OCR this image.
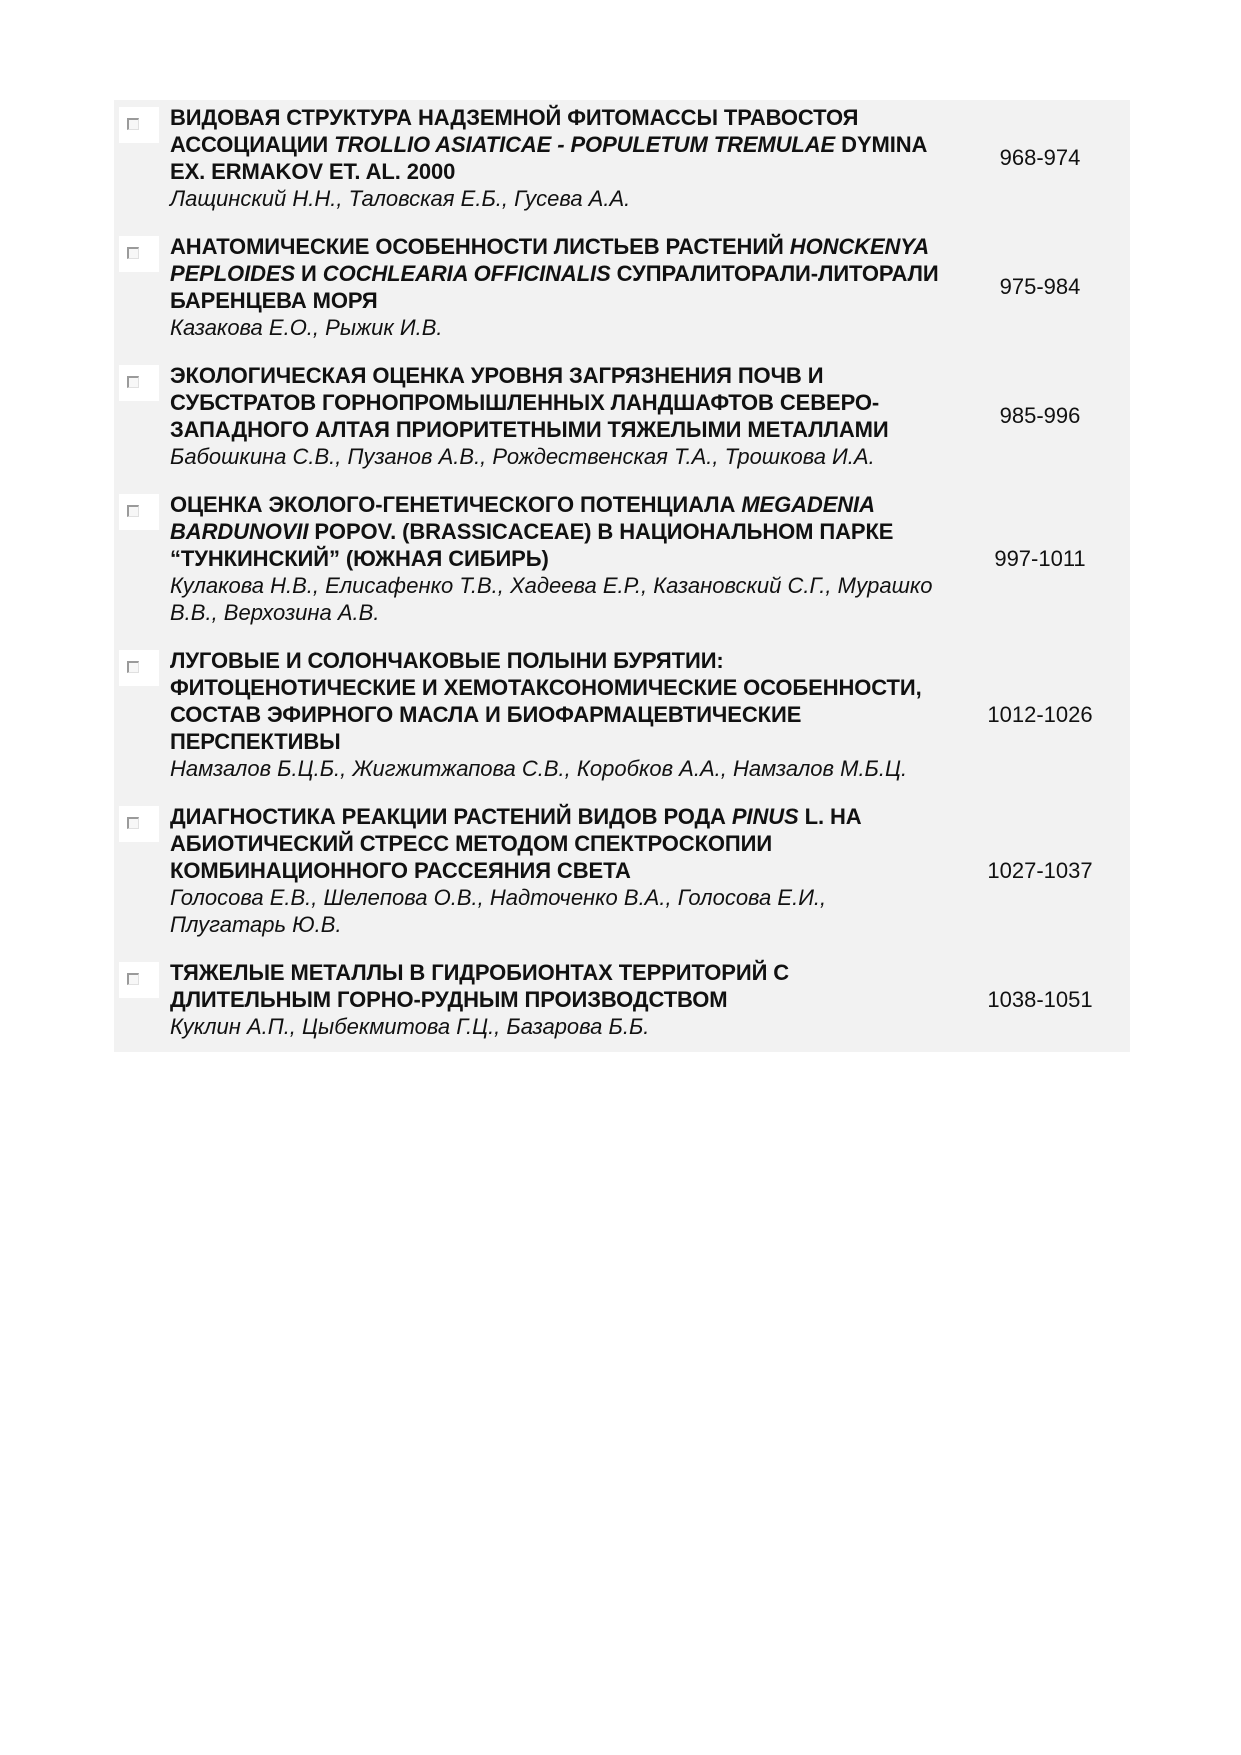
ВИДОВАЯ СТРУКТУРА НАДЗЕМНОЙ ФИТОМАССЫ ТРАВОСТОЯ АССОЦИАЦИИ TROLLIO ASIATICAE - POPULETUM TREMULAE DYMINA EX. ERMAKOV ET. AL. 2000
Лащинский Н.Н., Таловская Е.Б., Гусева А.А.
968-974
АНАТОМИЧЕСКИЕ ОСОБЕННОСТИ ЛИСТЬЕВ РАСТЕНИЙ HONCKENYA PEPLOIDES И COCHLEARIA OFFICINALIS СУПРАЛИТОРАЛИ-ЛИТОРАЛИ БАРЕНЦЕВА МОРЯ
Казакова Е.О., Рыжик И.В.
975-984
ЭКОЛОГИЧЕСКАЯ ОЦЕНКА УРОВНЯ ЗАГРЯЗНЕНИЯ ПОЧВ И СУБСТРАТОВ ГОРНОПРОМЫШЛЕННЫХ ЛАНДШАФТОВ СЕВЕРО-ЗАПАДНОГО АЛТАЯ ПРИОРИТЕТНЫМИ ТЯЖЕЛЫМИ МЕТАЛЛАМИ
Бабошкина С.В., Пузанов А.В., Рождественская Т.А., Трошкова И.А.
985-996
ОЦЕНКА ЭКОЛОГО-ГЕНЕТИЧЕСКОГО ПОТЕНЦИАЛА MEGADENIA BARDUNOVII POPOV. (BRASSICACEAE) В НАЦИОНАЛЬНОМ ПАРКЕ “ТУНКИНСКИЙ” (ЮЖНАЯ СИБИРЬ)
Кулакова Н.В., Елисафенко Т.В., Хадеева Е.Р., Казановский С.Г., Мурашко В.В., Верхозина А.В.
997-1011
ЛУГОВЫЕ И СОЛОНЧАКОВЫЕ ПОЛЫНИ БУРЯТИИ: ФИТОЦЕНОТИЧЕСКИЕ И ХЕМОТАКСОНОМИЧЕСКИЕ ОСОБЕННОСТИ, СОСТАВ ЭФИРНОГО МАСЛА И БИОФАРМАЦЕВТИЧЕСКИЕ ПЕРСПЕКТИВЫ
Намзалов Б.Ц.Б., Жигжитжапова С.В., Коробков А.А., Намзалов М.Б.Ц.
1012-1026
ДИАГНОСТИКА РЕАКЦИИ РАСТЕНИЙ ВИДОВ РОДА PINUS L. НА АБИОТИЧЕСКИЙ СТРЕСС МЕТОДОМ СПЕКТРОСКОПИИ КОМБИНАЦИОННОГО РАССЕЯНИЯ СВЕТА
Голосова Е.В., Шелепова О.В., Надточенко В.А., Голосова Е.И., Плугатарь Ю.В.
1027-1037
ТЯЖЕЛЫЕ МЕТАЛЛЫ В ГИДРОБИОНТАХ ТЕРРИТОРИЙ С ДЛИТЕЛЬНЫМ ГОРНО-РУДНЫМ ПРОИЗВОДСТВОМ
Куклин А.П., Цыбекмитова Г.Ц., Базарова Б.Б.
1038-1051
